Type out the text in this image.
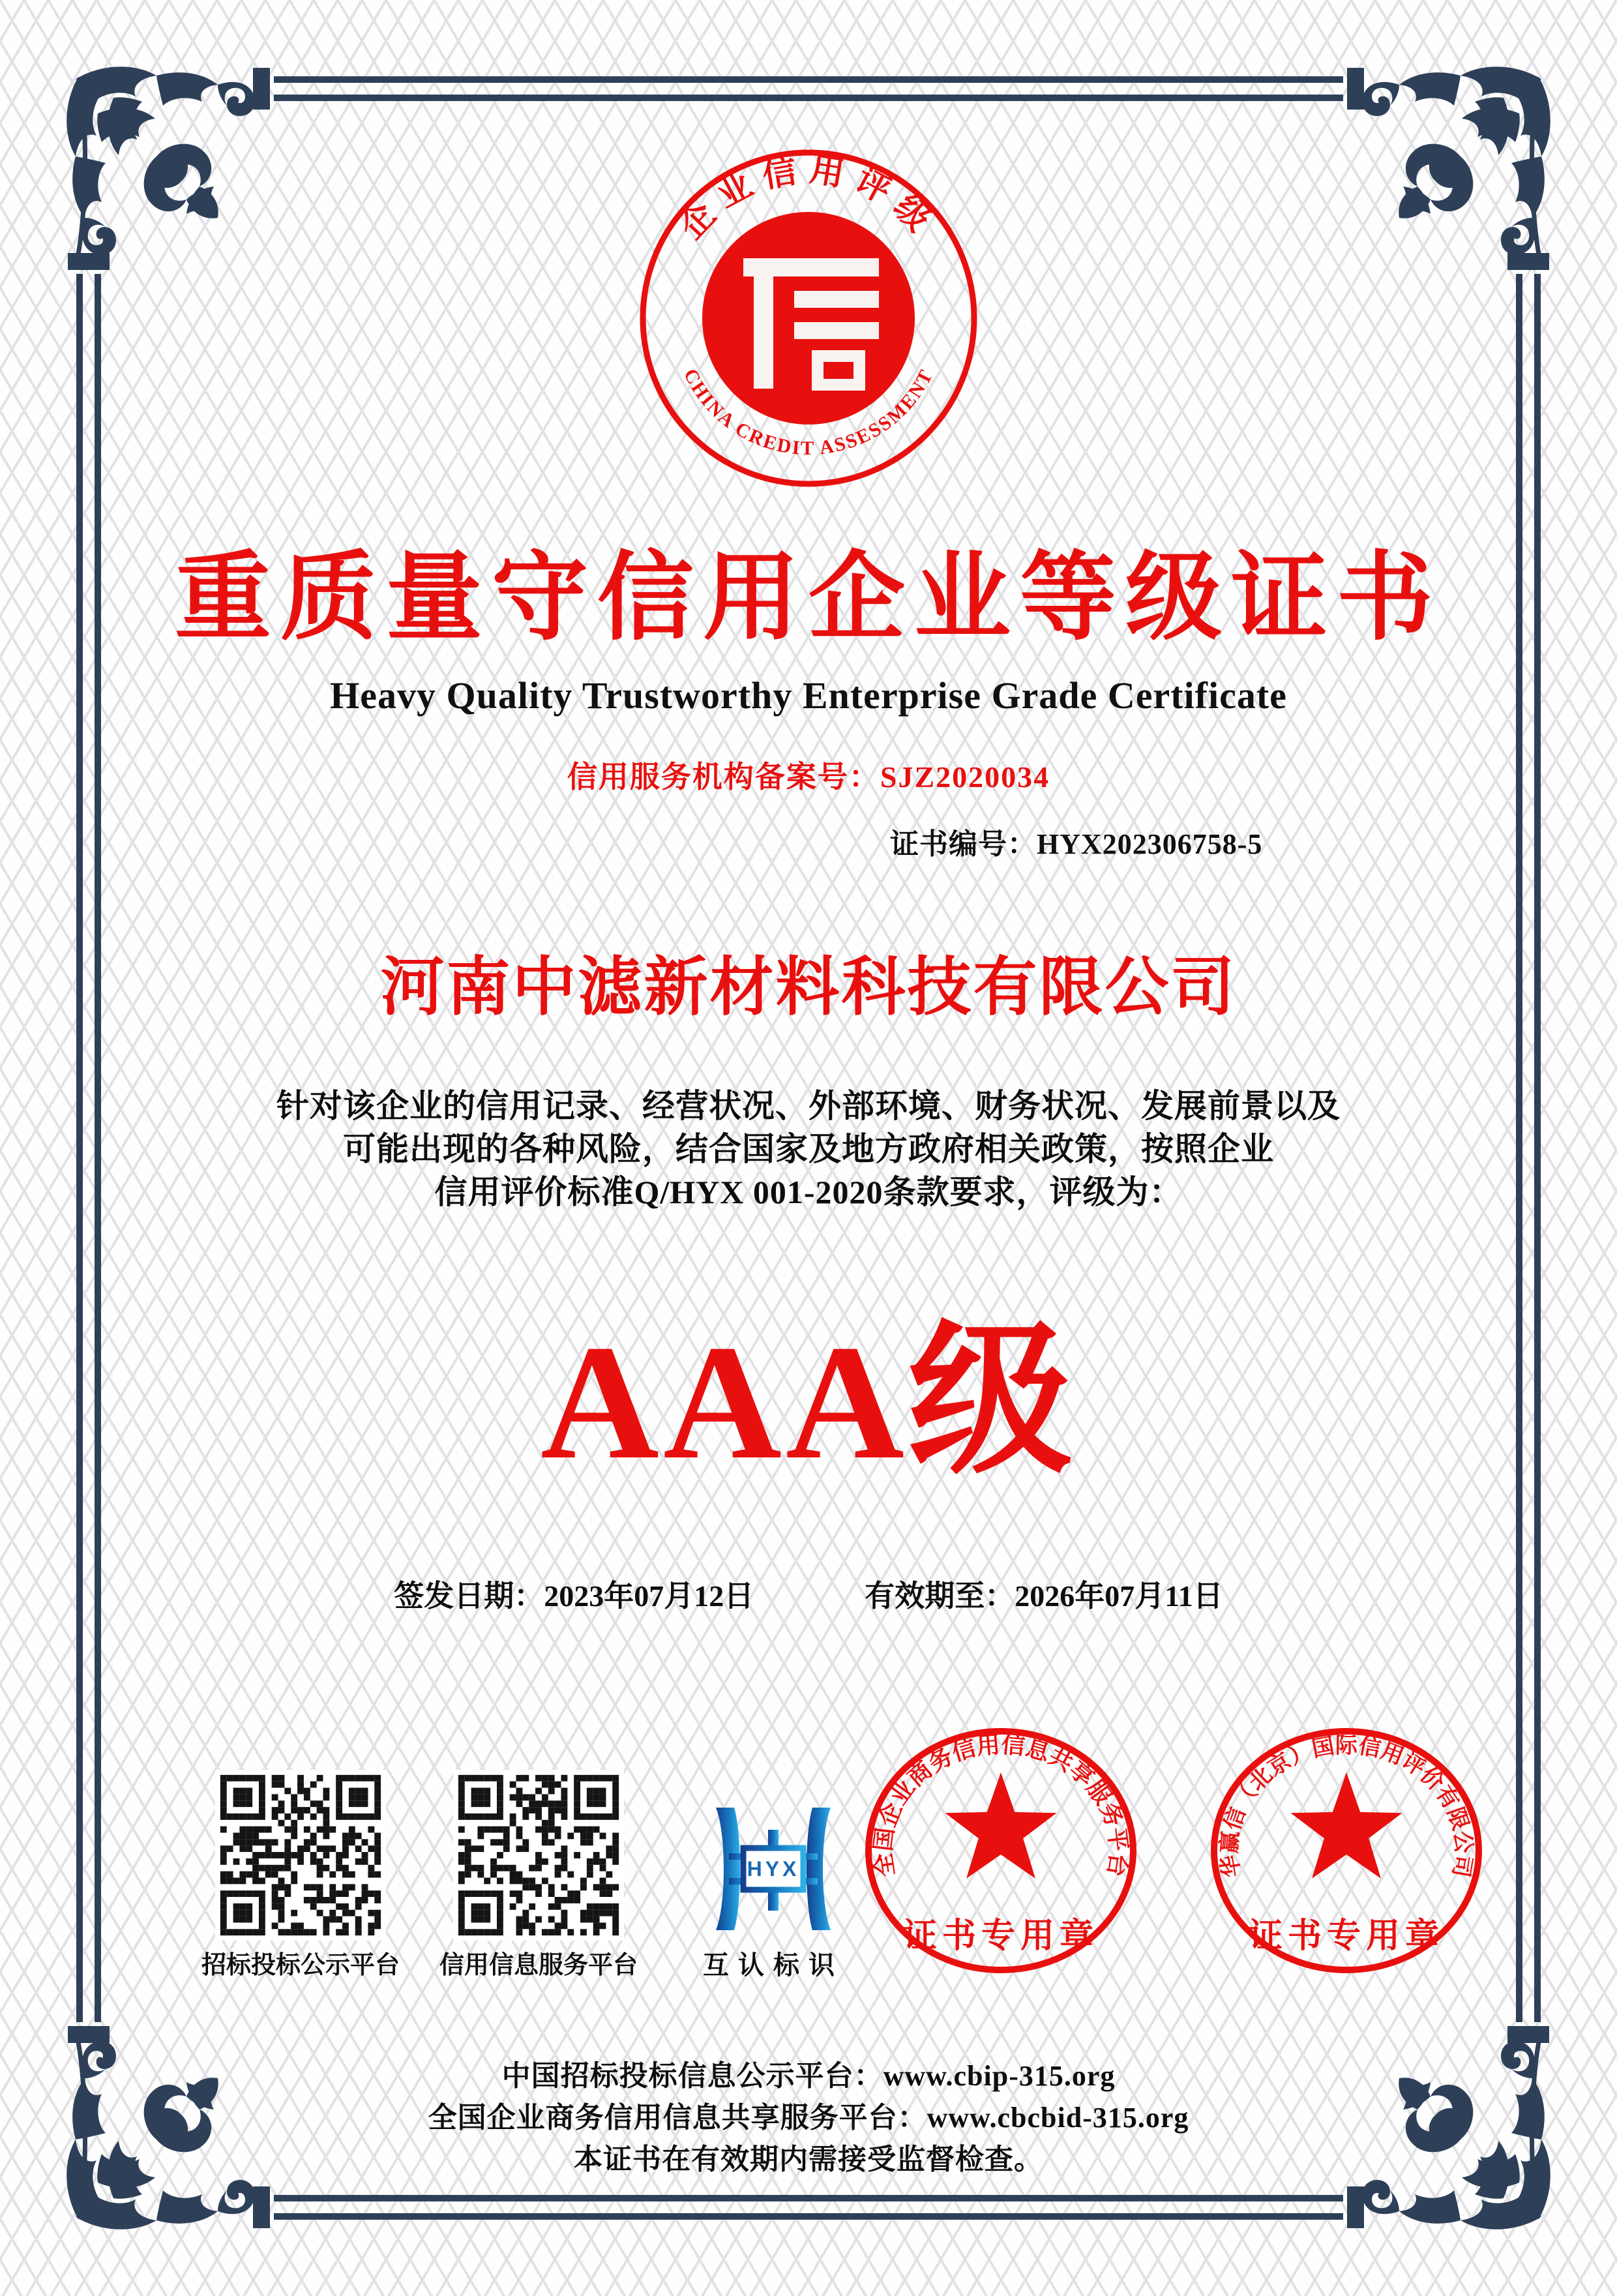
企业信用评级
CHINA CREDIT ASSESSMENT
重质量守信用企业等级证书
Heavy Quality Trustworthy Enterprise Grade Certificate
信用服务机构备案号：SJZ2020034
证书编号：HYX202306758-5
河南中滤新材料科技有限公司
针对该企业的信用记录、经营状况、外部环境、财务状况、发展前景以及
可能出现的各种风险，结合国家及地方政府相关政策，按照企业
信用评价标准Q/HYX 001-2020条款要求，评级为：
AAA级
签发日期：2023年07月12日	有效期至：2026年07月11日
招标投标公示平台	信用信息服务平台
HYX
互认标识
全国企业商务信用信息共享服务平台
证书专用章
华赢信（北京）国际信用评价有限公司
证书专用章
中国招标投标信息公示平台：www.cbip-315.org
全国企业商务信用信息共享服务平台：www.cbcbid-315.org
本证书在有效期内需接受监督检查。
